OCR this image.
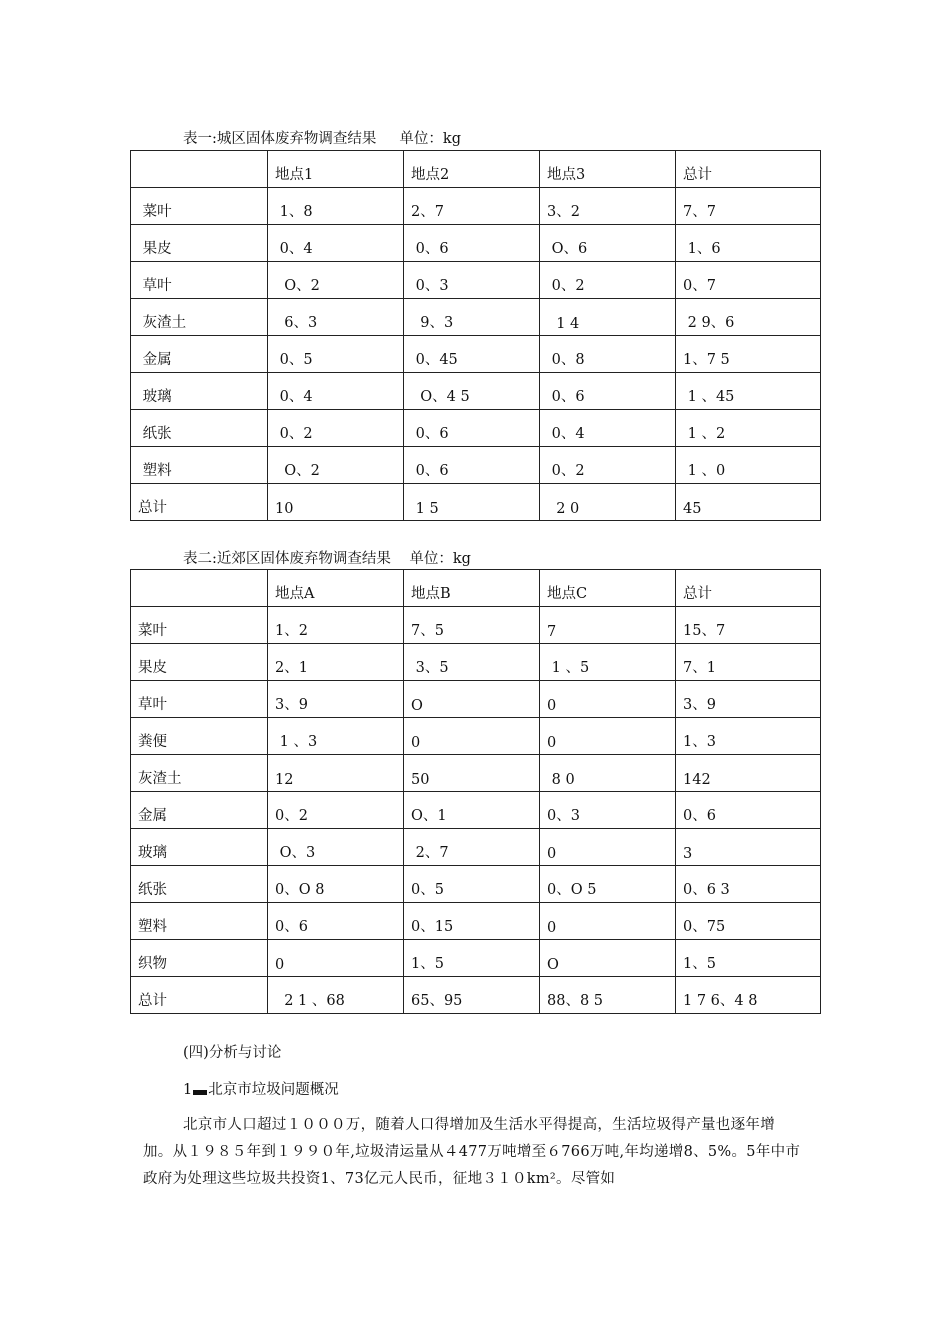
表一:城区固体废弃物调查结果     单位：kg
	地点1	地点2	地点3	总计
菜叶	1、8	2、7	3、2	7、7
果皮	0、4	0、6	O、6	1、6
草叶	O、2	0、3	0、2	0、7
灰渣土	6、3	9、3	1 4	2 9、6
金属	0、5	0、45	0、8	1、7 5
玻璃	0、4	O、4 5	0、6	1 、45
纸张	0、2	0、6	0、4	1 、2
塑料	O、2	0、6	0、2	1 、0
总计	10	1 5	2 0	45
表二:近郊区固体废弃物调查结果    单位：kg
	地点A	地点B	地点C	总计
菜叶	1、2	7、5	7	15、7
果皮	2、1	3、5	1 、5	7、1
草叶	3、9	O	0	3、9
粪便	1 、3	0	0	1、3
灰渣土	12	50	8 0	142
金属	0、2	O、1	0、3	0、6
玻璃	O、3	2、7	0	3
纸张	0、O 8	0、5	0、O 5	0、6 3
塑料	0、6	0、15	0	0、75
织物	0	1、5	O	1、5
总计	2 1 、68	65、95	88、8 5	1 7 6、4 8
(四)分析与讨论
1 北京市垃圾问题概况
北京市人口超过１０００万，随着人口得增加及生活水平得提高，生活垃圾得产量也逐年增加。从１９８５年到１９９０年,垃圾清运量从４477万吨增至６766万吨,年均递增8、5%。5年中市政府为处理这些垃圾共投资1、73亿元人民币，征地３１０km²。尽管如
